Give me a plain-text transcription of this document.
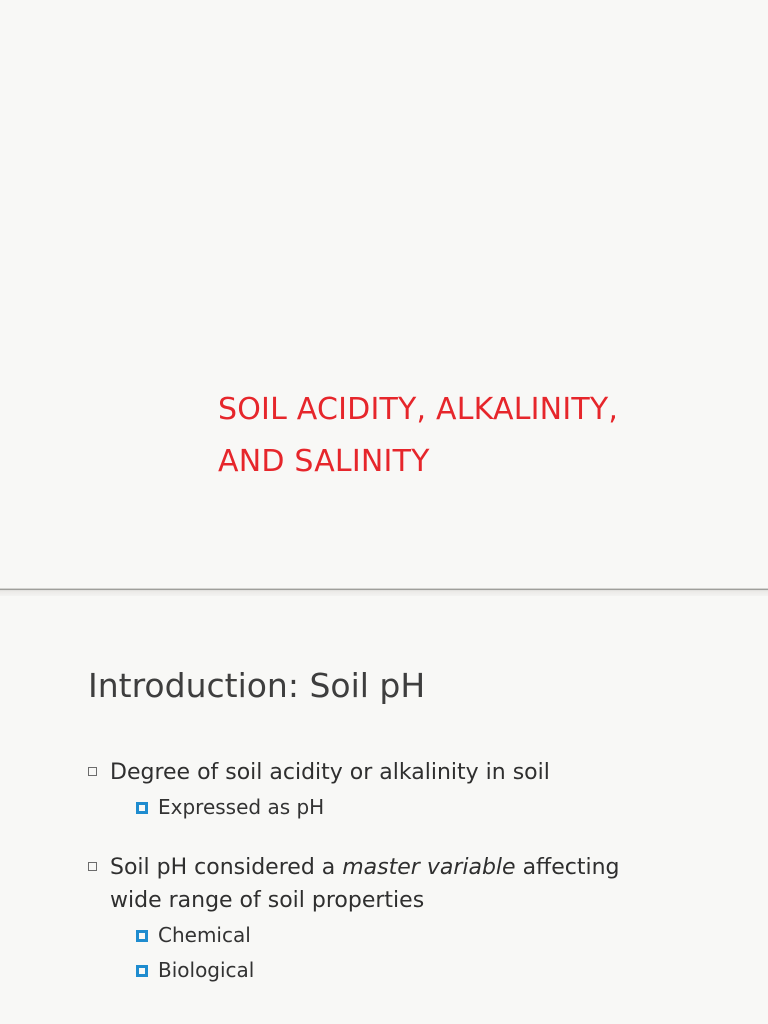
SOIL ACIDITY, ALKALINITY,
AND SALINITY
Introduction: Soil pH
Degree of soil acidity or alkalinity in soil
Expressed as pH
Soil pH considered a master variable affecting
wide range of soil properties
Chemical
Biological
